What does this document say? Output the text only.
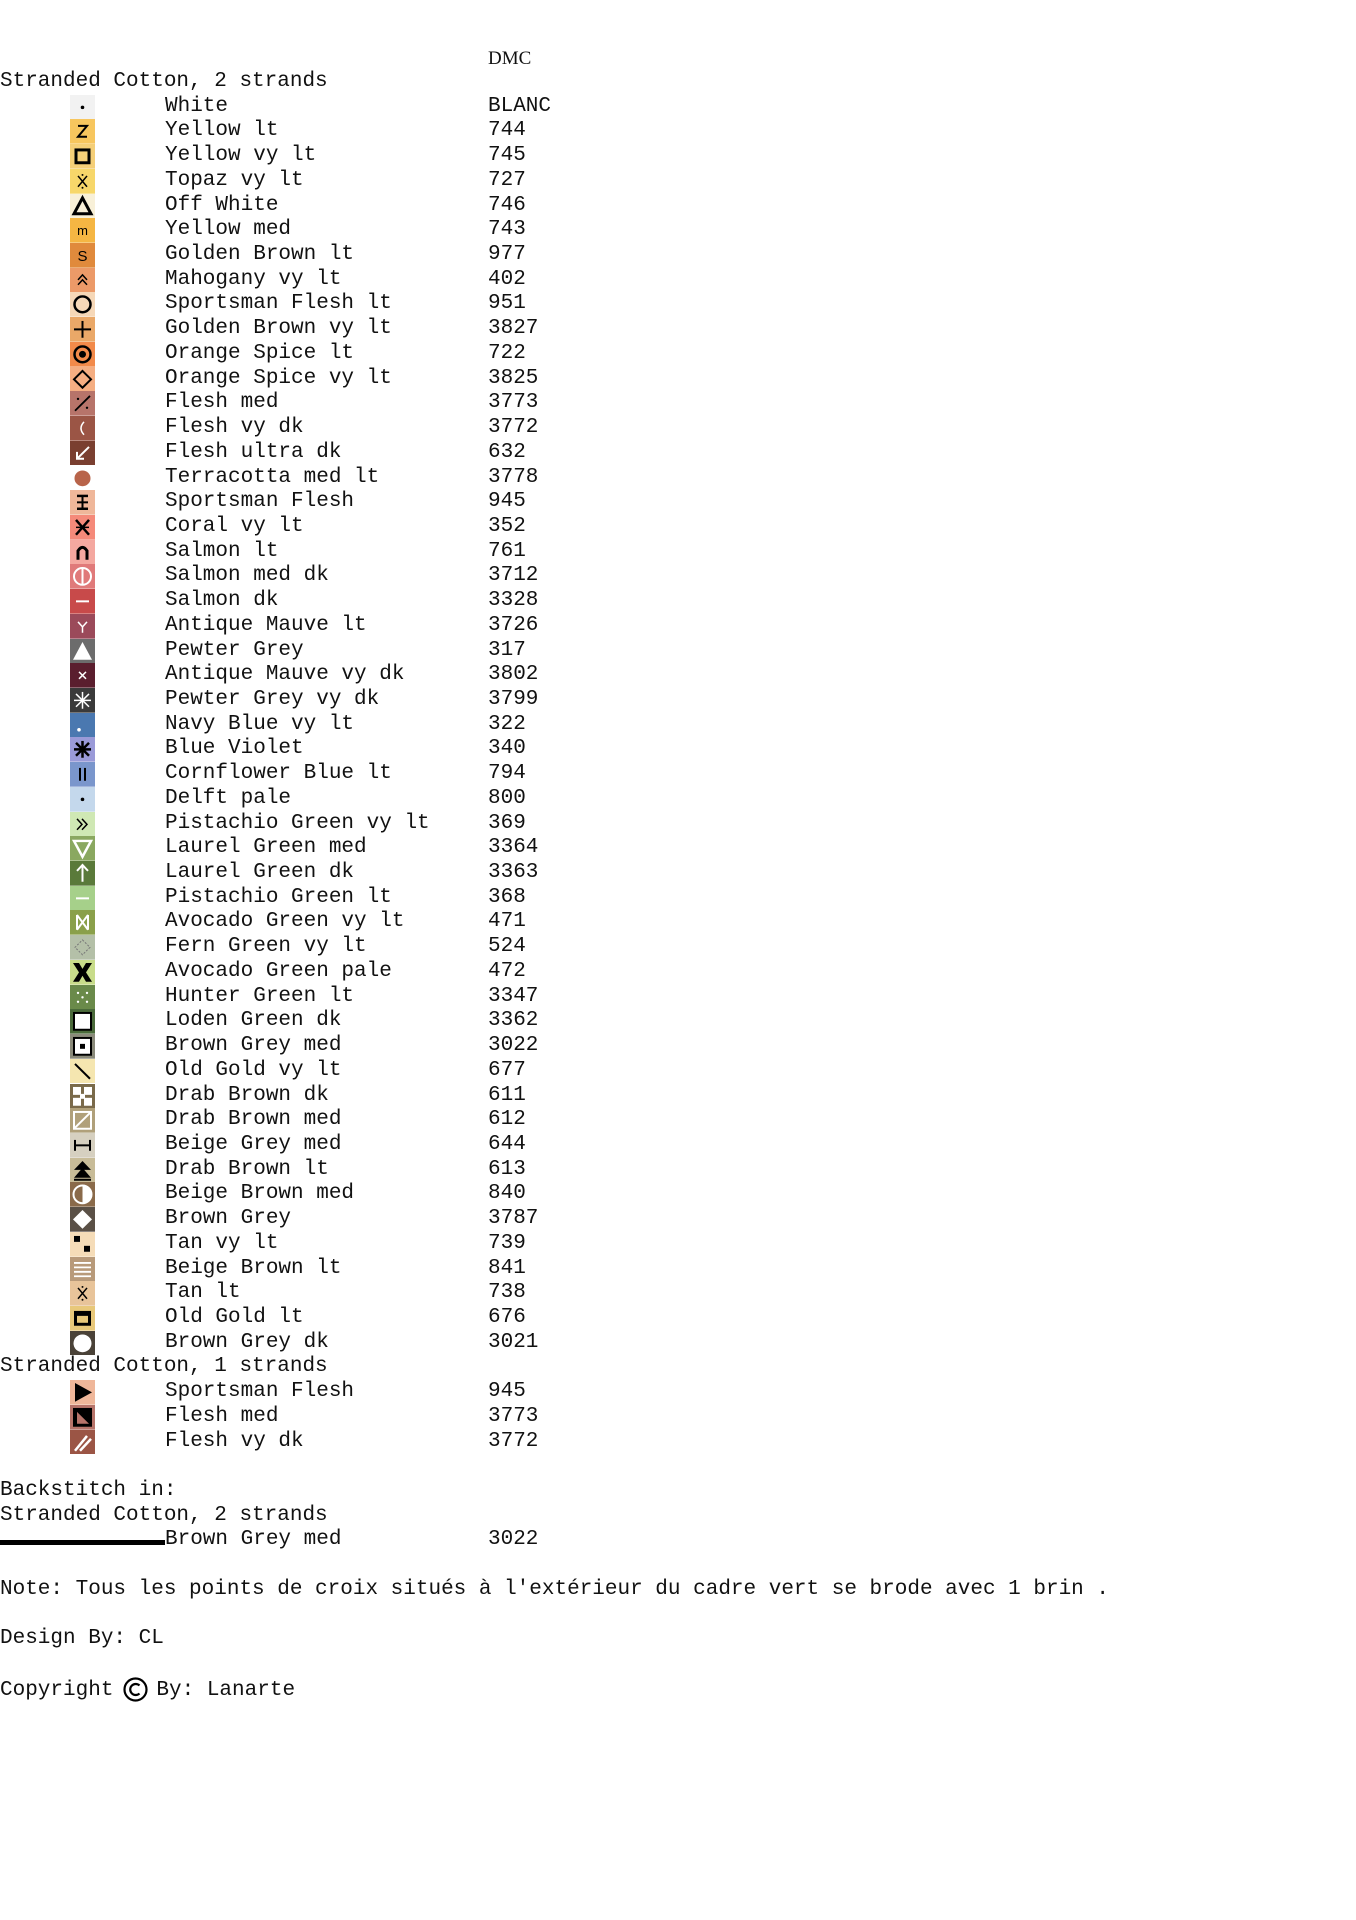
DMC
Stranded Cotton, 2 strands
White	BLANC
Yellow lt	744
Yellow vy lt	745
Topaz vy lt	727
Off White	746
m	Yellow med	743
S	Golden Brown lt	977
Mahogany vy lt	402
Sportsman Flesh lt	951
Golden Brown vy lt	3827
Orange Spice lt	722
Orange Spice vy lt	3825
Flesh med	3773
Flesh vy dk	3772
Flesh ultra dk	632
Terracotta med lt	3778
Sportsman Flesh	945
Coral vy lt	352
Salmon lt	761
Salmon med dk	3712
Salmon dk	3328
Antique Mauve lt	3726
Pewter Grey	317
Antique Mauve vy dk	3802
Pewter Grey vy dk	3799
Navy Blue vy lt	322
Blue Violet	340
Cornflower Blue lt	794
Delft pale	800
Pistachio Green vy lt	369
Laurel Green med	3364
Laurel Green dk	3363
Pistachio Green lt	368
Avocado Green vy lt	471
Fern Green vy lt	524
Avocado Green pale	472
Hunter Green lt	3347
Loden Green dk	3362
Brown Grey med	3022
Old Gold vy lt	677
Drab Brown dk	611
Drab Brown med	612
Beige Grey med	644
Drab Brown lt	613
Beige Brown med	840
Brown Grey	3787
Tan vy lt	739
Beige Brown lt	841
Tan lt	738
Old Gold lt	676
Brown Grey dk	3021
Stranded Cotton, 1 strands
Sportsman Flesh	945
Flesh med	3773
Flesh vy dk	3772
Backstitch in:
Stranded Cotton, 2 strands
Brown Grey med	3022
Note: Tous les points de croix situés à l'extérieur du cadre vert se brode avec 1 brin .
Design By: CL
Copyright By: Lanarte
